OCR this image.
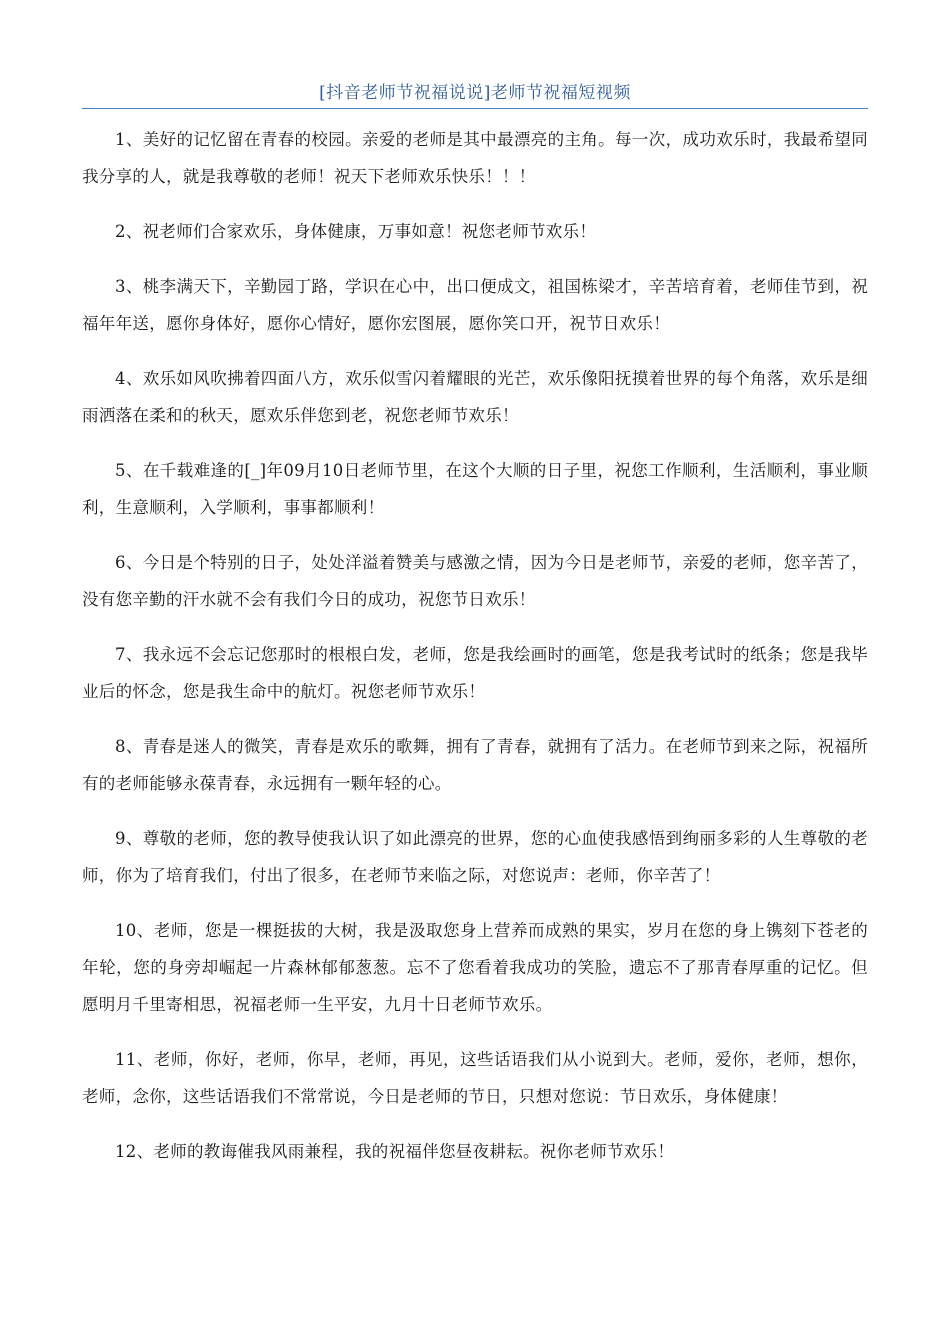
[抖音老师节祝福说说]老师节祝福短视频

1、美好的记忆留在青春的校园。亲爱的老师是其中最漂亮的主角。每一次，成功欢乐时，我最希望同我分享的人，就是我尊敬的老师！祝天下老师欢乐快乐！！！

2、祝老师们合家欢乐，身体健康，万事如意！祝您老师节欢乐！

3、桃李满天下，辛勤园丁路，学识在心中，出口便成文，祖国栋梁才，辛苦培育着，老师佳节到，祝福年年送，愿你身体好，愿你心情好，愿你宏图展，愿你笑口开，祝节日欢乐！

4、欢乐如风吹拂着四面八方，欢乐似雪闪着耀眼的光芒，欢乐像阳抚摸着世界的每个角落，欢乐是细雨洒落在柔和的秋天，愿欢乐伴您到老，祝您老师节欢乐！

5、在千载难逢的[_]年09月10日老师节里，在这个大顺的日子里，祝您工作顺利，生活顺利，事业顺利，生意顺利，入学顺利，事事都顺利！

6、今日是个特别的日子，处处洋溢着赞美与感激之情，因为今日是老师节，亲爱的老师，您辛苦了，没有您辛勤的汗水就不会有我们今日的成功，祝您节日欢乐！

7、我永远不会忘记您那时的根根白发，老师，您是我绘画时的画笔，您是我考试时的纸条；您是我毕业后的怀念，您是我生命中的航灯。祝您老师节欢乐！

8、青春是迷人的微笑，青春是欢乐的歌舞，拥有了青春，就拥有了活力。在老师节到来之际，祝福所有的老师能够永葆青春，永远拥有一颗年轻的心。

9、尊敬的老师，您的教导使我认识了如此漂亮的世界，您的心血使我感悟到绚丽多彩的人生尊敬的老师，你为了培育我们，付出了很多，在老师节来临之际，对您说声：老师，你辛苦了！

10、老师，您是一棵挺拔的大树，我是汲取您身上营养而成熟的果实，岁月在您的身上镌刻下苍老的年轮，您的身旁却崛起一片森林郁郁葱葱。忘不了您看着我成功的笑脸，遗忘不了那青春厚重的记忆。但愿明月千里寄相思，祝福老师一生平安，九月十日老师节欢乐。

11、老师，你好，老师，你早，老师，再见，这些话语我们从小说到大。老师，爱你，老师，想你，老师，念你，这些话语我们不常常说，今日是老师的节日，只想对您说：节日欢乐，身体健康！

12、老师的教诲催我风雨兼程，我的祝福伴您昼夜耕耘。祝你老师节欢乐！
